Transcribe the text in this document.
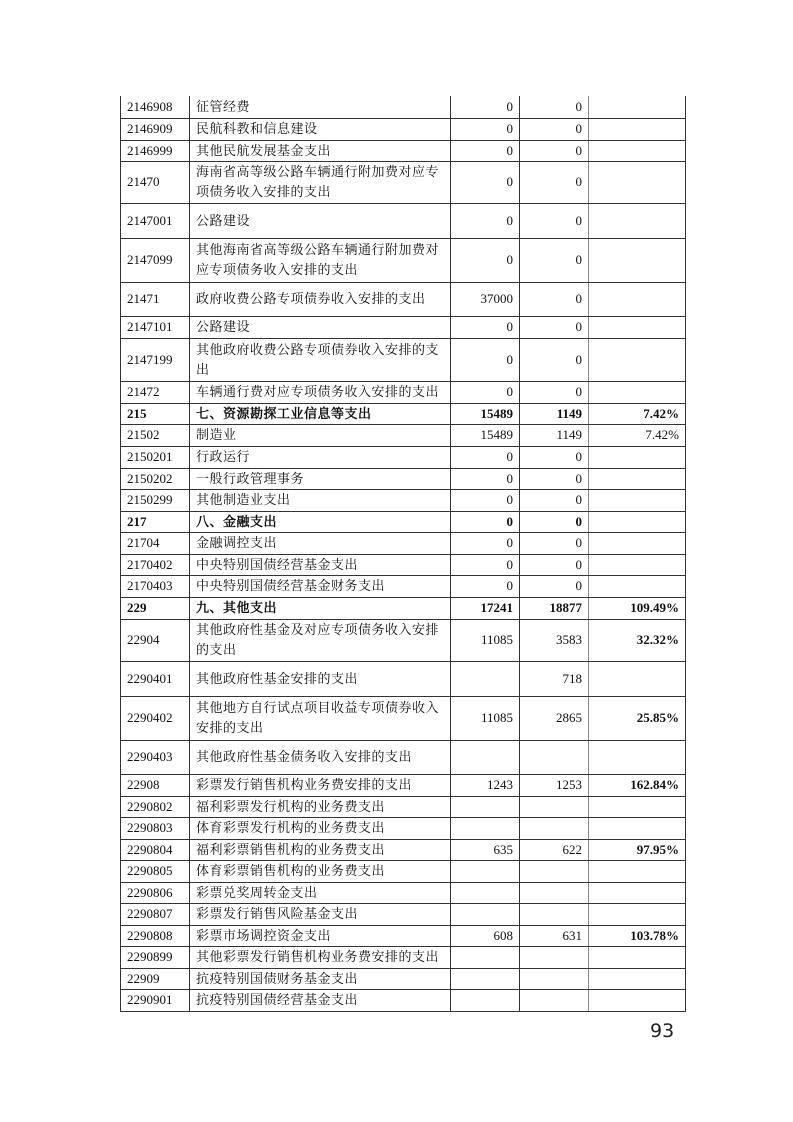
2146908	征管经费	0	0	
2146909	民航科教和信息建设	0	0	
2146999	其他民航发展基金支出	0	0	
21470	海南省高等级公路车辆通行附加费对应专项债务收入安排的支出	0	0	
2147001	公路建设	0	0	
2147099	其他海南省高等级公路车辆通行附加费对应专项债务收入安排的支出	0	0	
21471	政府收费公路专项债券收入安排的支出	37000	0	
2147101	公路建设	0	0	
2147199	其他政府收费公路专项债券收入安排的支出	0	0	
21472	车辆通行费对应专项债务收入安排的支出	0	0	
215	七、资源勘探工业信息等支出	15489	1149	7.42%
21502	制造业	15489	1149	7.42%
2150201	行政运行	0	0	
2150202	一般行政管理事务	0	0	
2150299	其他制造业支出	0	0	
217	八、金融支出	0	0	
21704	金融调控支出	0	0	
2170402	中央特别国债经营基金支出	0	0	
2170403	中央特别国债经营基金财务支出	0	0	
229	九、其他支出	17241	18877	109.49%
22904	其他政府性基金及对应专项债务收入安排的支出	11085	3583	32.32%
2290401	其他政府性基金安排的支出		718	
2290402	其他地方自行试点项目收益专项债券收入安排的支出	11085	2865	25.85%
2290403	其他政府性基金债务收入安排的支出			
22908	彩票发行销售机构业务费安排的支出	1243	1253	162.84%
2290802	福利彩票发行机构的业务费支出			
2290803	体育彩票发行机构的业务费支出			
2290804	福利彩票销售机构的业务费支出	635	622	97.95%
2290805	体育彩票销售机构的业务费支出			
2290806	彩票兑奖周转金支出			
2290807	彩票发行销售风险基金支出			
2290808	彩票市场调控资金支出	608	631	103.78%
2290899	其他彩票发行销售机构业务费安排的支出			
22909	抗疫特别国债财务基金支出			
2290901	抗疫特别国债经营基金支出			
93
